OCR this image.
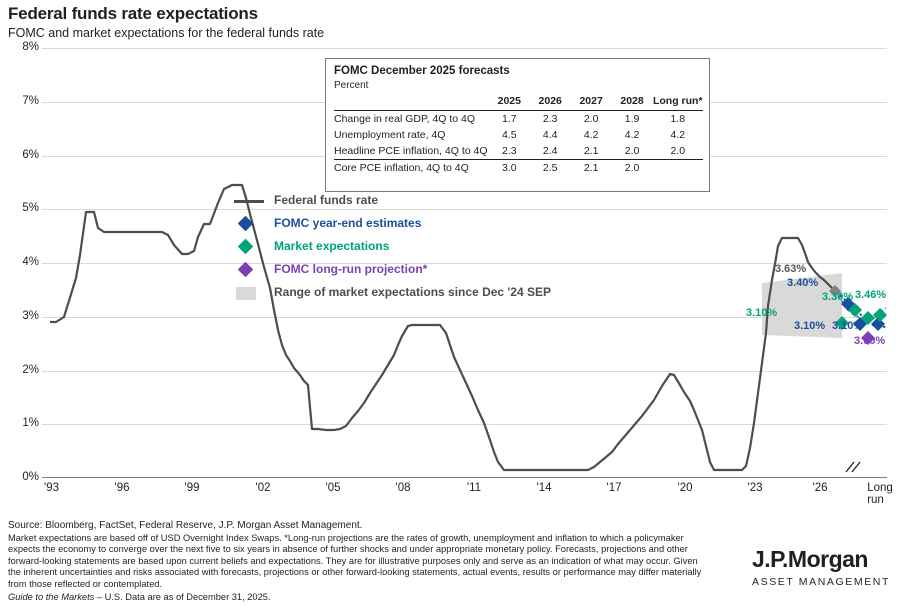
Federal funds rate expectations
FOMC and market expectations for the federal funds rate
8%
7%
6%
5%
4%
3%
2%
1%
0%
3.63%
3.40%
3.30% 3.46%
3.10%
3.10% 3.10%
3.00%
'93	'96	'99	'02	'05	'08	'11	'14	'17	'20	'23	'26	Long run
FOMC December 2025 forecasts
Percent
	2025	2026	2027	2028	Long run*
Change in real GDP, 4Q to 4Q	1.7	2.3	2.0	1.9	1.8
Unemployment rate, 4Q	4.5	4.4	4.2	4.2	4.2
Headline PCE inflation, 4Q to 4Q	2.3	2.4	2.1	2.0	2.0
Core PCE inflation, 4Q to 4Q	3.0	2.5	2.1	2.0	
Federal funds rate
FOMC year-end estimates
Market expectations
FOMC long-run projection*
Range of market expectations since Dec '24 SEP
Source: Bloomberg, FactSet, Federal Reserve, J.P. Morgan Asset Management.
Market expectations are based off of USD Overnight Index Swaps. *Long-run projections are the rates of growth, unemployment and inflation to which a policymaker expects the economy to converge over the next five to six years in absence of further shocks and under appropriate monetary policy. Forecasts, projections and other forward-looking statements are based upon current beliefs and expectations. They are for illustrative purposes only and serve as an indication of what may occur. Given the inherent uncertainties and risks associated with forecasts, projections or other forward-looking statements, actual events, results or performance may differ materially from those reflected or contemplated.
Guide to the Markets – U.S. Data are as of December 31, 2025.
J.P.Morgan
ASSET MANAGEMENT
